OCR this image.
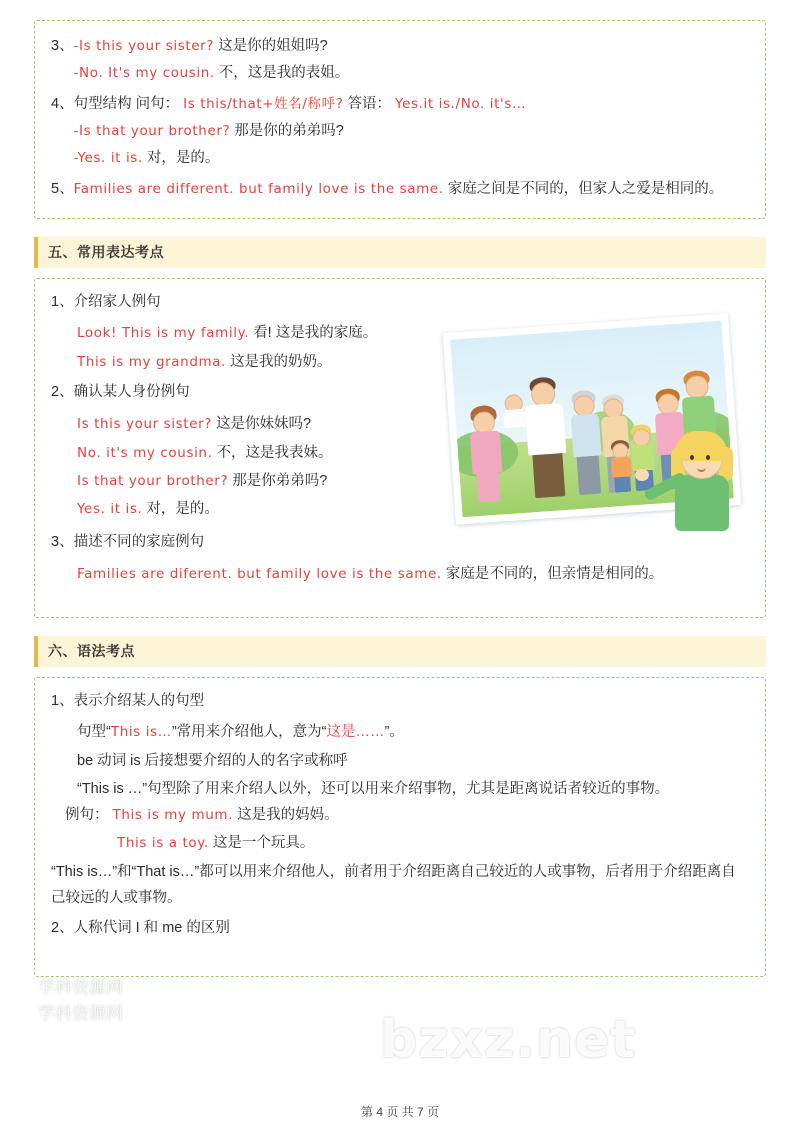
3、 -Is this your sister? 这是你的姐姐吗?
-No. It's my cousin. 不，这是我的表姐。
4、 句型结构 问句： Is this/that+姓名/称呼? 答语： Yes.it is./No. it's…
-Is that your brother? 那是你的弟弟吗?
-Yes. it is. 对，是的。
5、 Families are different. but family love is the same. 家庭之间是不同的，但家人之爱是相同的。
五、常用表达考点
1、 介绍家人例句
Look! This is my family. 看! 这是我的家庭。
This is my grandma. 这是我的奶奶。
2、 确认某人身份例句
Is this your sister? 这是你妹妹吗?
No. it's my cousin. 不，这是我表妹。
Is that your brother? 那是你弟弟吗?
Yes. it is. 对，是的。
3、 描述不同的家庭例句
Families are diferent. but family love is the same. 家庭是不同的，但亲情是相同的。
六、语法考点
1、 表示介绍某人的句型
句型“This is…”常用来介绍他人，意为“这是……”。
be 动词 is 后接想要介绍的人的名字或称呼
“This is …”句型除了用来介绍人以外，还可以用来介绍事物，尤其是距离说话者较近的事物。
例句： This is my mum. 这是我的妈妈。
This is a toy. 这是一个玩具。
“This is…”和“That is…”都可以用来介绍他人，前者用于介绍距离自己较近的人或事物，后者用于介绍距离自己较远的人或事物。
2、 人称代词 I 和 me 的区别
学科资源网
学科资源网	bzxz.net
第 4 页 共 7 页
